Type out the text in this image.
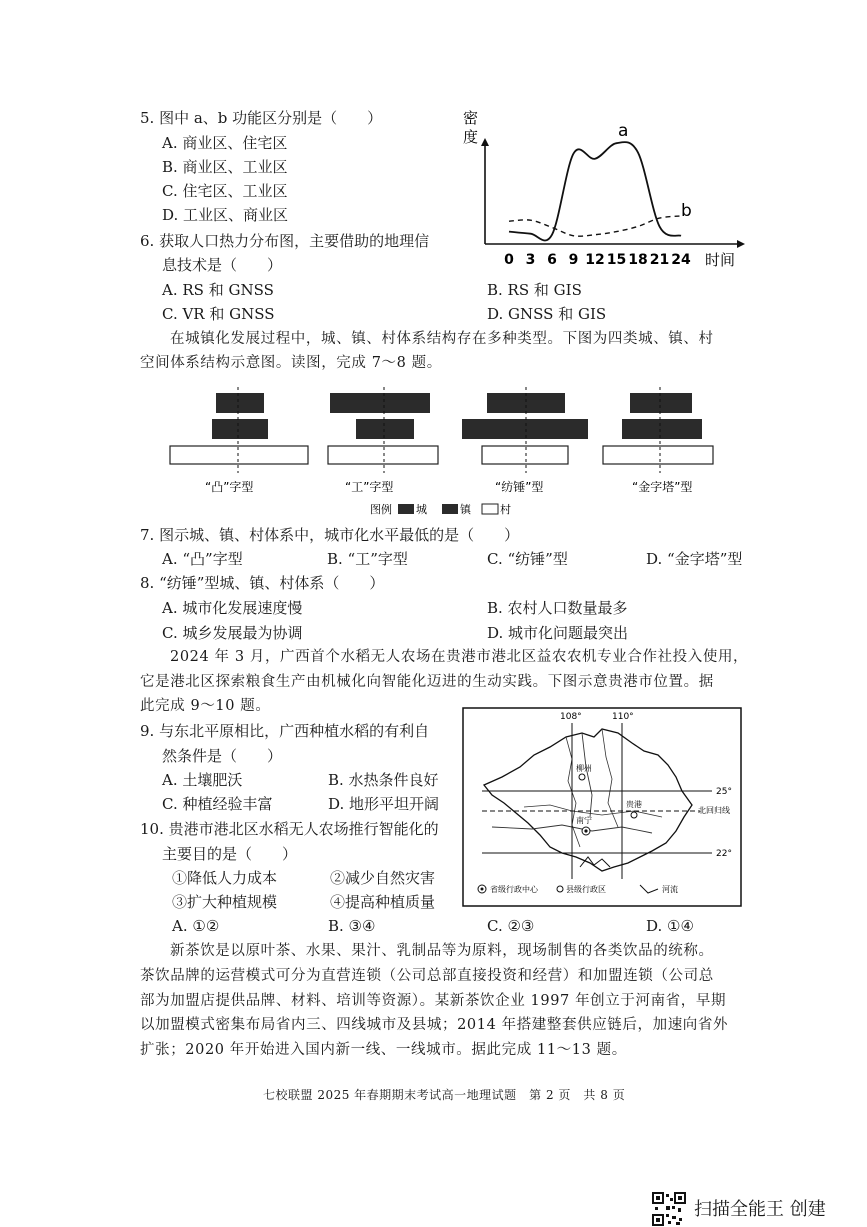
5. 图中 a、b 功能区分别是（　　）
A. 商业区、住宅区
B. 商业区、工业区
C. 住宅区、工业区
D. 工业区、商业区
6. 获取人口热力分布图，主要借助的地理信
息技术是（　　）
A. RS 和 GNSS	B. RS 和 GIS
C. VR 和 GNSS	D. GNSS 和 GIS
密
度
时间
0 3 6 9 12 15 18 21 24
a
b
在城镇化发展过程中，城、镇、村体系结构存在多种类型。下图为四类城、镇、村
空间体系结构示意图。读图，完成 7～8 题。
“凸”字型	“工”字型	“纺锤”型	“金字塔”型
图例 城	镇	村
7. 图示城、镇、村体系中，城市化水平最低的是（　　）
A. “凸”字型	B. “工”字型	C. “纺锤”型	D. “金字塔”型
8. “纺锤”型城、镇、村体系（　　）
A. 城市化发展速度慢	B. 农村人口数量最多
C. 城乡发展最为协调	D. 城市化问题最突出
2024 年 3 月，广西首个水稻无人农场在贵港市港北区益农农机专业合作社投入使用，
它是港北区探索粮食生产由机械化向智能化迈进的生动实践。下图示意贵港市位置。据
此完成 9～10 题。
9. 与东北平原相比，广西种植水稻的有利自
然条件是（　　）
A. 土壤肥沃	B. 水热条件良好
C. 种植经验丰富	D. 地形平坦开阔
10. 贵港市港北区水稻无人农场推行智能化的
主要目的是（　　）
①降低人力成本	②减少自然灾害
③扩大种植规模	④提高种植质量
A. ①②	B. ③④	C. ②③	D. ①④
108°	110°
25°
22°
北回归线
南宁
贵港
柳州
省级行政中心	县级行政区	河流
新茶饮是以原叶茶、水果、果汁、乳制品等为原料，现场制售的各类饮品的统称。
茶饮品牌的运营模式可分为直营连锁（公司总部直接投资和经营）和加盟连锁（公司总
部为加盟店提供品牌、材料、培训等资源）。某新茶饮企业 1997 年创立于河南省，早期
以加盟模式密集布局省内三、四线城市及县城；2014 年搭建整套供应链后，加速向省外
扩张；2020 年开始进入国内新一线、一线城市。据此完成 11～13 题。
七校联盟 2025 年春期期末考试高一地理试题　第 2 页　共 8 页
扫描全能王 创建
